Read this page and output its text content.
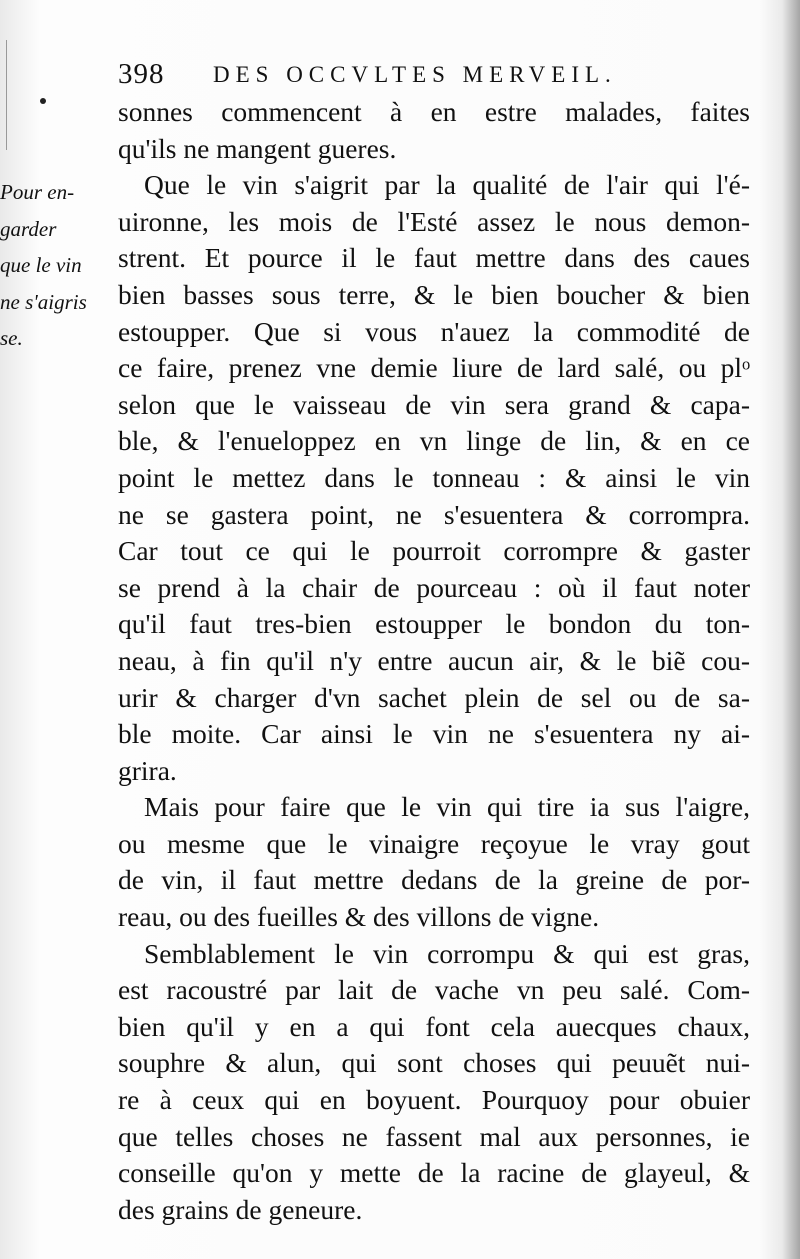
398 DES OCCVLTES MERVEIL.
Pour en-
garder
que le vin
ne s'aigris
se.
sonnes commencent à en estre malades, faites
qu'ils ne mangent gueres.
Que le vin s'aigrit par la qualité de l'air qui l'é-
uironne, les mois de l'Esté assez le nous demon-
strent. Et pource il le faut mettre dans des caues
bien basses sous terre, & le bien boucher & bien
estoupper. Que si vous n'auez la commodité de
ce faire, prenez vne demie liure de lard salé, ou plᵒ
selon que le vaisseau de vin sera grand & capa-
ble, & l'enueloppez en vn linge de lin, & en ce
point le mettez dans le tonneau : & ainsi le vin
ne se gastera point, ne s'esuentera & corrompra.
Car tout ce qui le pourroit corrompre & gaster
se prend à la chair de pourceau : où il faut noter
qu'il faut tres-bien estoupper le bondon du ton-
neau, à fin qu'il n'y entre aucun air, & le biẽ cou-
urir & charger d'vn sachet plein de sel ou de sa-
ble moite. Car ainsi le vin ne s'esuentera ny ai-
grira.
Mais pour faire que le vin qui tire ia sus l'aigre,
ou mesme que le vinaigre reçoyue le vray gout
de vin, il faut mettre dedans de la greine de por-
reau, ou des fueilles & des villons de vigne.
Semblablement le vin corrompu & qui est gras,
est racoustré par lait de vache vn peu salé. Com-
bien qu'il y en a qui font cela auecques chaux,
souphre & alun, qui sont choses qui peuuẽt nui-
re à ceux qui en boyuent. Pourquoy pour obuier
que telles choses ne fassent mal aux personnes, ie
conseille qu'on y mette de la racine de glayeul, &
des grains de geneure.
